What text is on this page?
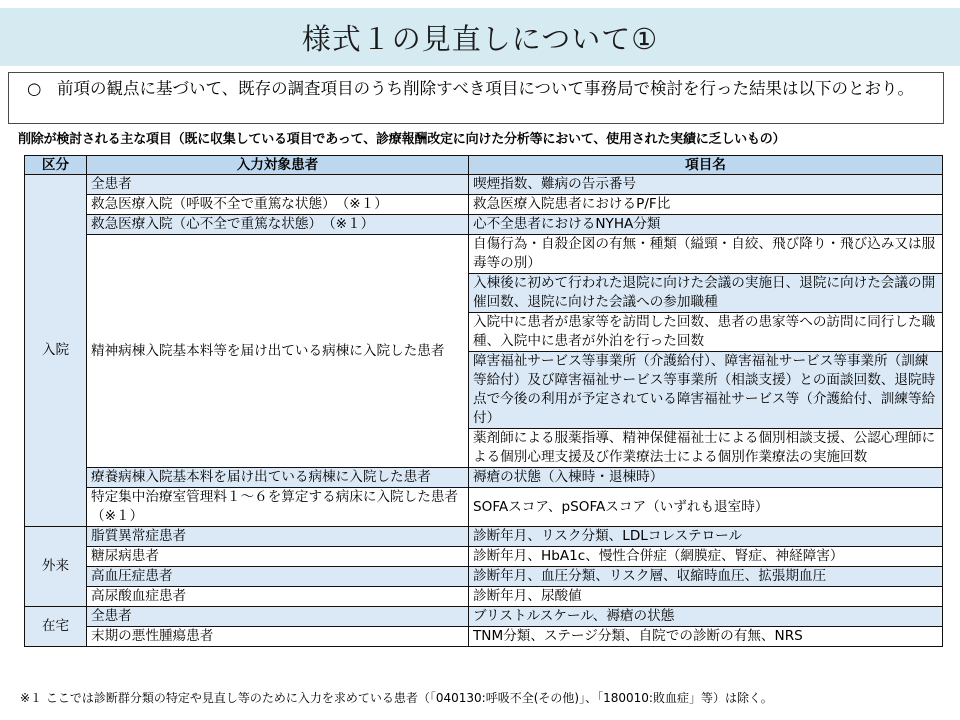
様式１の見直しについて①
○ 前項の観点に基づいて、既存の調査項目のうち削除すべき項目について事務局で検討を行った結果は以下のとおり。
削除が検討される主な項目（既に収集している項目であって、診療報酬改定に向けた分析等において、使用された実績に乏しいもの）
区分	入力対象患者	項目名
入院	全患者	喫煙指数、難病の告示番号
	救急医療入院（呼吸不全で重篤な状態）　（※１）	救急医療入院患者におけるP/F比
	救急医療入院（心不全で重篤な状態）　（※１）	心不全患者におけるNYHA分類
	精神病棟入院基本料等を届け出ている病棟に入院した患者	自傷行為・自殺企図の有無・種類（縊頸・自絞、飛び降り・飛び込み又は服毒等の別）
		入棟後に初めて行われた退院に向けた会議の実施日、退院に向けた会議の開催回数、退院に向けた会議への参加職種
		入院中に患者が患家等を訪問した回数、患者の患家等への訪問に同行した職種、入院中に患者が外泊を行った回数
		障害福祉サービス等事業所（介護給付）、障害福祉サービス等事業所（訓練等給付）及び障害福祉サービス等事業所（相談支援）との面談回数、退院時点で今後の利用が予定されている障害福祉サービス等（介護給付、訓練等給付）
		薬剤師による服薬指導、精神保健福祉士による個別相談支援、公認心理師による個別心理支援及び作業療法士による個別作業療法の実施回数
	療養病棟入院基本料を届け出ている病棟に入院した患者	褥瘡の状態（入棟時・退棟時）
	特定集中治療室管理料１～６を算定する病床に入院した患者（※１）	SOFAスコア、pSOFAスコア（いずれも退室時）
外来	脂質異常症患者	診断年月、リスク分類、LDLコレステロール
	糖尿病患者	診断年月、HbA1c、慢性合併症（網膜症、腎症、神経障害）
	高血圧症患者	診断年月、血圧分類、リスク層、収縮時血圧、拡張期血圧
	高尿酸血症患者	診断年月、尿酸値
在宅	全患者	ブリストルスケール、褥瘡の状態
	末期の悪性腫瘍患者	TNM分類、ステージ分類、自院での診断の有無、NRS
※１ ここでは診断群分類の特定や見直し等のために入力を求めている患者（「040130:呼吸不全(その他)」、「180010:敗血症」等）は除く。
